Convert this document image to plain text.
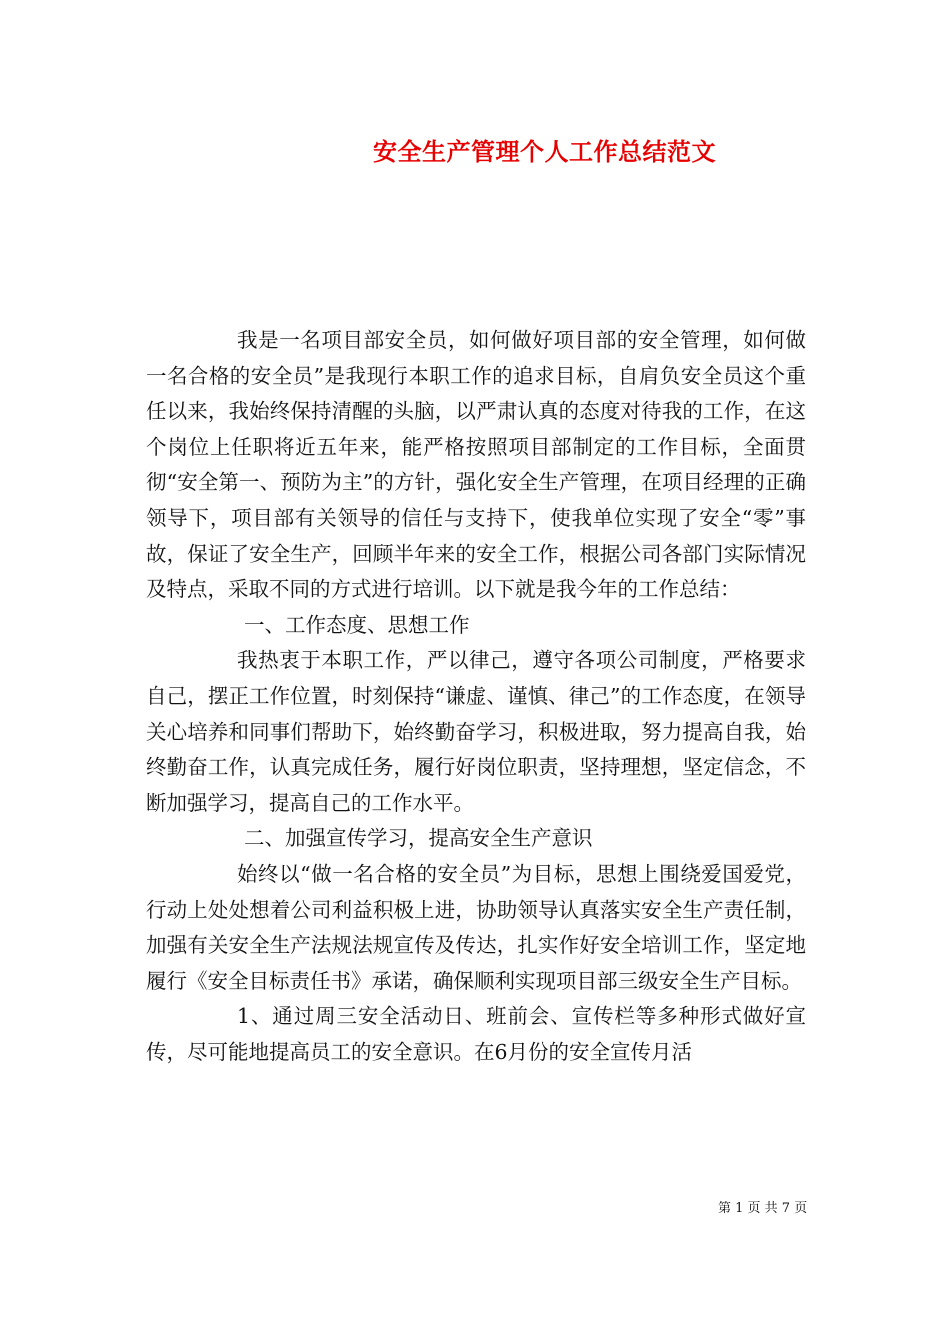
安全生产管理个人工作总结范文

我是一名项目部安全员，如何做好项目部的安全管理，如何做一名合格的安全员”是我现行本职工作的追求目标，自肩负安全员这个重任以来，我始终保持清醒的头脑，以严肃认真的态度对待我的工作，在这个岗位上任职将近五年来，能严格按照项目部制定的工作目标，全面贯彻“安全第一、预防为主”的方针，强化安全生产管理，在项目经理的正确领导下，项目部有关领导的信任与支持下，使我单位实现了安全“零”事故，保证了安全生产，回顾半年来的安全工作，根据公司各部门实际情况及特点，采取不同的方式进行培训。以下就是我今年的工作总结：

一、工作态度、思想工作

我热衷于本职工作，严以律己，遵守各项公司制度，严格要求自己，摆正工作位置，时刻保持“谦虚、谨慎、律己”的工作态度，在领导关心培养和同事们帮助下，始终勤奋学习，积极进取，努力提高自我，始终勤奋工作，认真完成任务，履行好岗位职责，坚持理想，坚定信念，不断加强学习，提高自己的工作水平。

二、加强宣传学习，提高安全生产意识

始终以“做一名合格的安全员”为目标，思想上围绕爱国爱党，行动上处处想着公司利益积极上进，协助领导认真落实安全生产责任制，加强有关安全生产法规法规宣传及传达，扎实作好安全培训工作，坚定地履行《安全目标责任书》承诺，确保顺利实现项目部三级安全生产目标。

1、通过周三安全活动日、班前会、宣传栏等多种形式做好宣传，尽可能地提高员工的安全意识。在6月份的安全宣传月活

第 1 页 共 7 页
